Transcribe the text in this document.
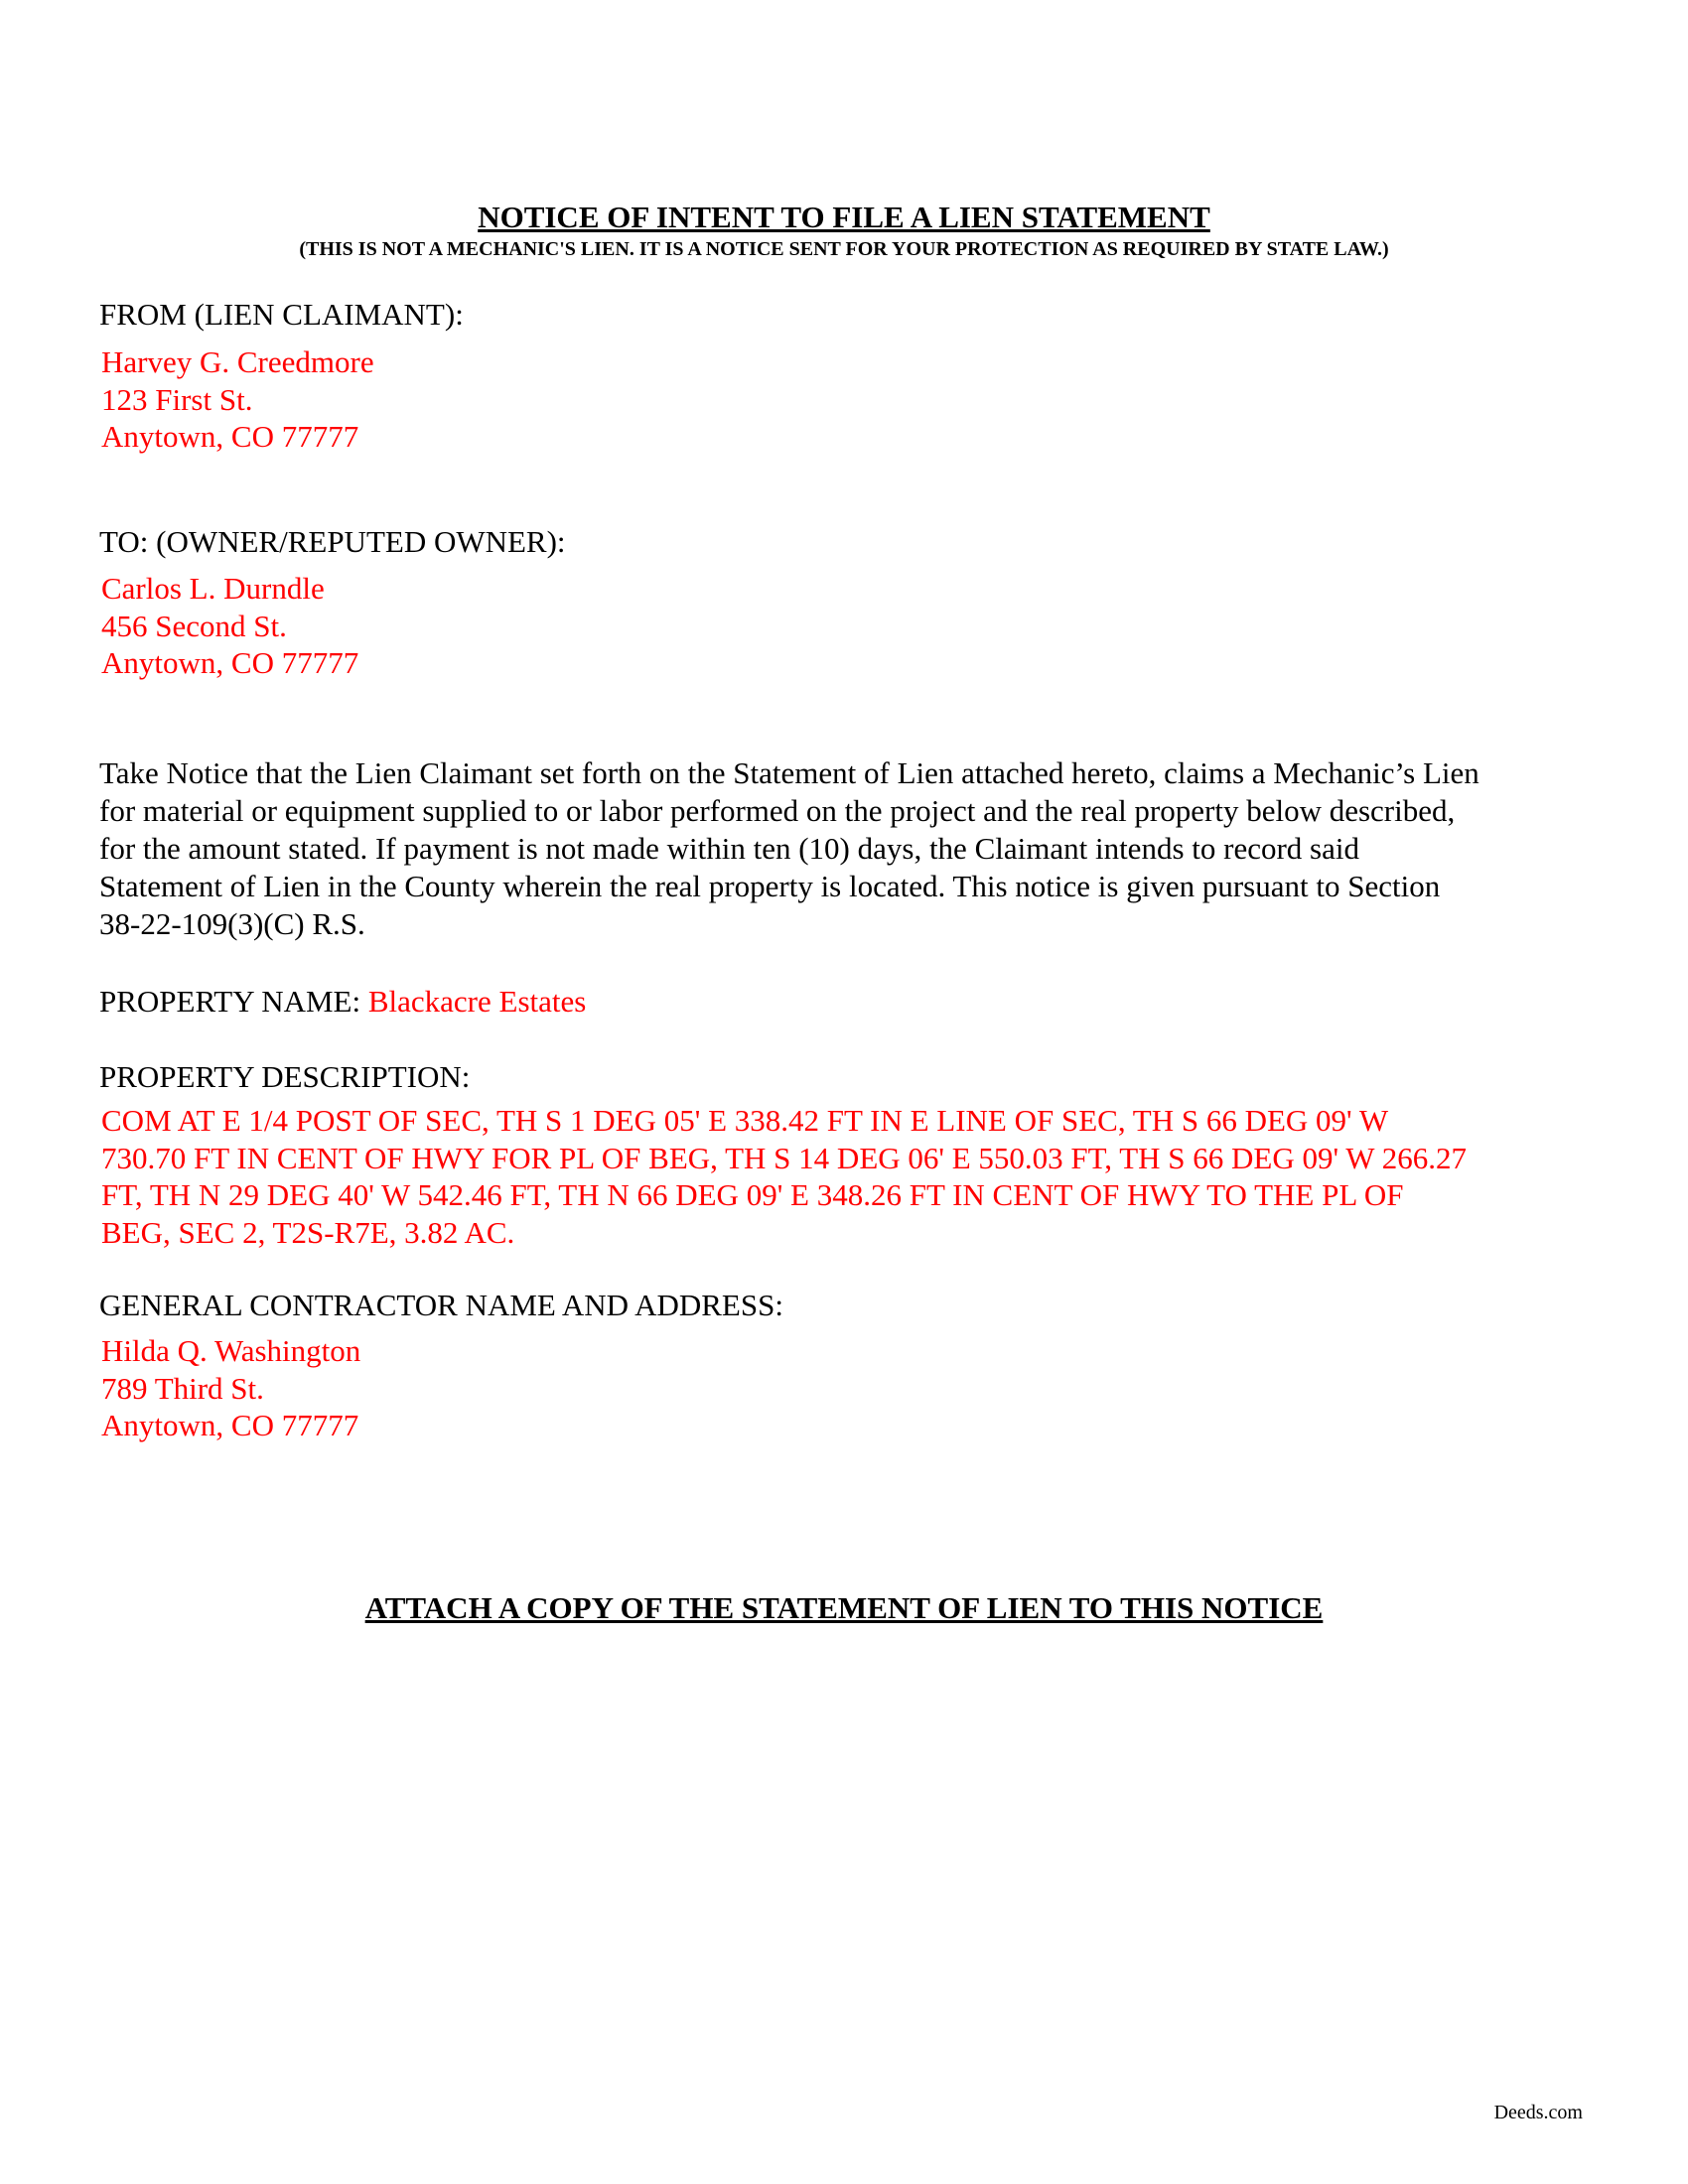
NOTICE OF INTENT TO FILE A LIEN STATEMENT
(THIS IS NOT A MECHANIC'S LIEN. IT IS A NOTICE SENT FOR YOUR PROTECTION AS REQUIRED BY STATE LAW.)
FROM (LIEN CLAIMANT):
Harvey G. Creedmore
123 First St.
Anytown, CO 77777
TO: (OWNER/REPUTED OWNER):
Carlos L. Durndle
456 Second St.
Anytown, CO 77777
Take Notice that the Lien Claimant set forth on the Statement of Lien attached hereto, claims a Mechanic’s Lien
for material or equipment supplied to or labor performed on the project and the real property below described,
for the amount stated. If payment is not made within ten (10) days, the Claimant intends to record said
Statement of Lien in the County wherein the real property is located. This notice is given pursuant to Section
38-22-109(3)(C) R.S.
PROPERTY NAME: Blackacre Estates
PROPERTY DESCRIPTION:
COM AT E 1/4 POST OF SEC, TH S 1 DEG 05' E 338.42 FT IN E LINE OF SEC, TH S 66 DEG 09' W
730.70 FT IN CENT OF HWY FOR PL OF BEG, TH S 14 DEG 06' E 550.03 FT, TH S 66 DEG 09' W 266.27
FT, TH N 29 DEG 40' W 542.46 FT, TH N 66 DEG 09' E 348.26 FT IN CENT OF HWY TO THE PL OF
BEG, SEC 2, T2S-R7E, 3.82 AC.
GENERAL CONTRACTOR NAME AND ADDRESS:
Hilda Q. Washington
789 Third St.
Anytown, CO 77777
ATTACH A COPY OF THE STATEMENT OF LIEN TO THIS NOTICE
Deeds.com
